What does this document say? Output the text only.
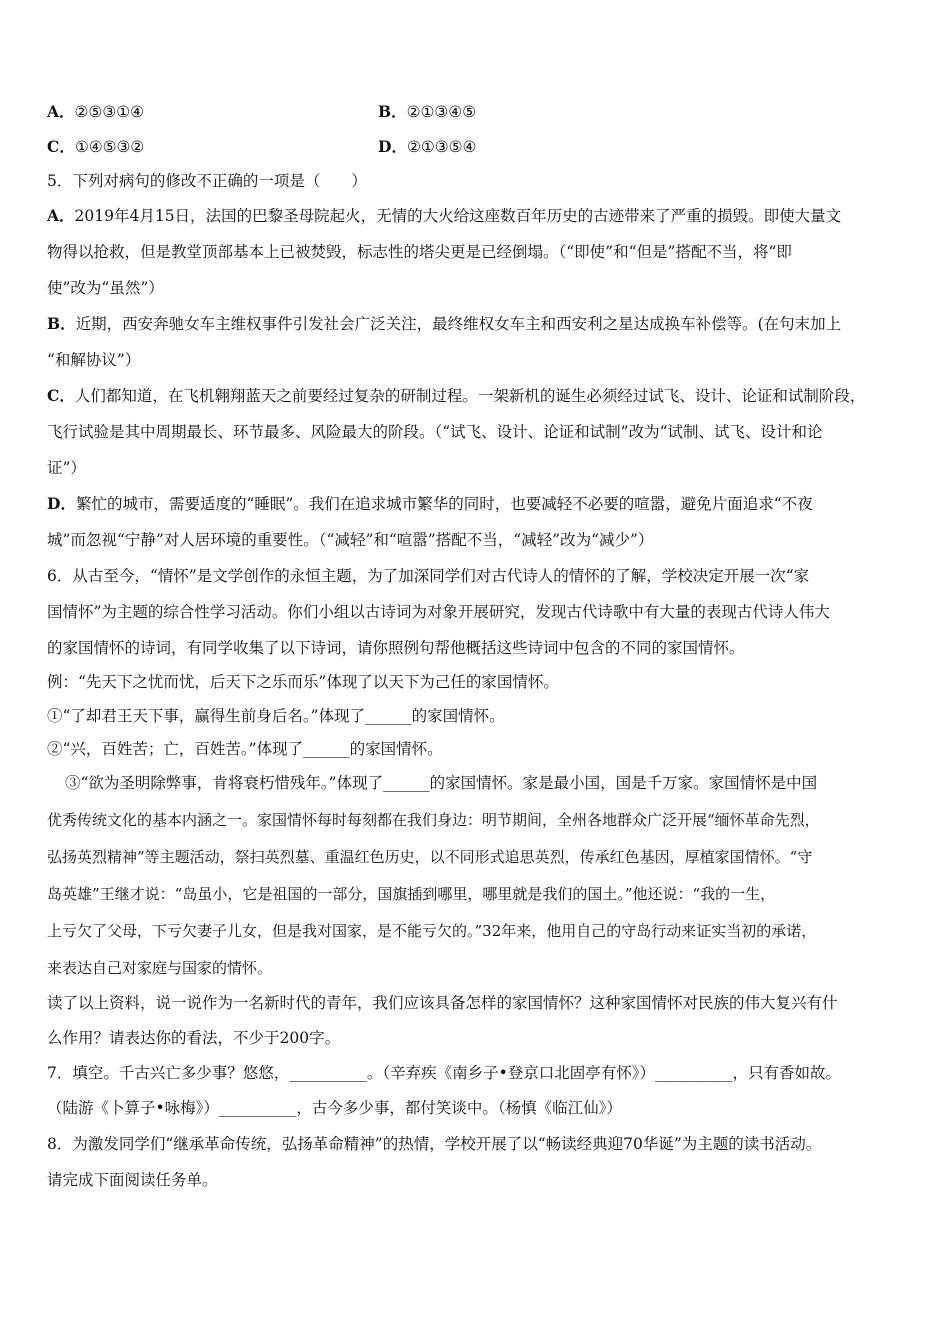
A．②⑤③①④	B．②①③④⑤
C．①④⑤③②	D．②①③⑤④
5．下列对病句的修改不正确的一项是（　　）
A．2019年4月15日，法国的巴黎圣母院起火，无情的大火给这座数百年历史的古迹带来了严重的损毁。即使大量文
物得以抢救，但是教堂顶部基本上已被焚毁，标志性的塔尖更是已经倒塌。（“即使”和“但是”搭配不当，将“即
使”改为“虽然”）
B．近期，西安奔驰女车主维权事件引发社会广泛关注，最终维权女车主和西安利之星达成换车补偿等。(在句末加上
“和解协议”）
C．人们都知道，在飞机翱翔蓝天之前要经过复杂的研制过程。一架新机的诞生必须经过试飞、设计、论证和试制阶段，
飞行试验是其中周期最长、环节最多、风险最大的阶段。（“试飞、设计、论证和试制”改为“试制、试飞、设计和论
证”）
D．繁忙的城市，需要适度的“睡眠”。我们在追求城市繁华的同时，也要减轻不必要的喧嚣，避免片面追求“不夜
城”而忽视“宁静”对人居环境的重要性。（“减轻”和“喧嚣”搭配不当，“减轻”改为“减少”）
6．从古至今，“情怀”是文学创作的永恒主题，为了加深同学们对古代诗人的情怀的了解，学校决定开展一次“家
国情怀”为主题的综合性学习活动。你们小组以古诗词为对象开展研究，发现古代诗歌中有大量的表现古代诗人伟大
的家国情怀的诗词，有同学收集了以下诗词，请你照例句帮他概括这些诗词中包含的不同的家国情怀。
例：“先天下之忧而忧，后天下之乐而乐”体现了以天下为己任的家国情怀。
①“了却君王天下事，赢得生前身后名。”体现了______的家国情怀。
②“兴，百姓苦；亡，百姓苦。”体现了______的家国情怀。
③“欲为圣明除弊事，肯将衰朽惜残年。”体现了______的家国情怀。家是最小国，国是千万家。家国情怀是中国
优秀传统文化的基本内涵之一。家国情怀每时每刻都在我们身边：明节期间，全州各地群众广泛开展“缅怀革命先烈，
弘扬英烈精神”等主题活动，祭扫英烈墓、重温红色历史，以不同形式追思英烈，传承红色基因，厚植家国情怀。“守
岛英雄”王继才说：“岛虽小，它是祖国的一部分，国旗插到哪里，哪里就是我们的国土。”他还说：“我的一生，
上亏欠了父母，下亏欠妻子儿女，但是我对国家，是不能亏欠的。”32年来，他用自己的守岛行动来证实当初的承诺，
来表达自己对家庭与国家的情怀。
读了以上资料，说一说作为一名新时代的青年，我们应该具备怎样的家国情怀？这种家国情怀对民族的伟大复兴有什
么作用？请表达你的看法，不少于200字。
7．填空。千古兴亡多少事？悠悠，__________。（辛弃疾《南乡子•登京口北固亭有怀》）__________，只有香如故。
（陆游《卜算子•咏梅》）__________，古今多少事，都付笑谈中。（杨慎《临江仙》）
8．为激发同学们“继承革命传统，弘扬革命精神”的热情，学校开展了以“畅读经典迎70华诞”为主题的读书活动。
请完成下面阅读任务单。
